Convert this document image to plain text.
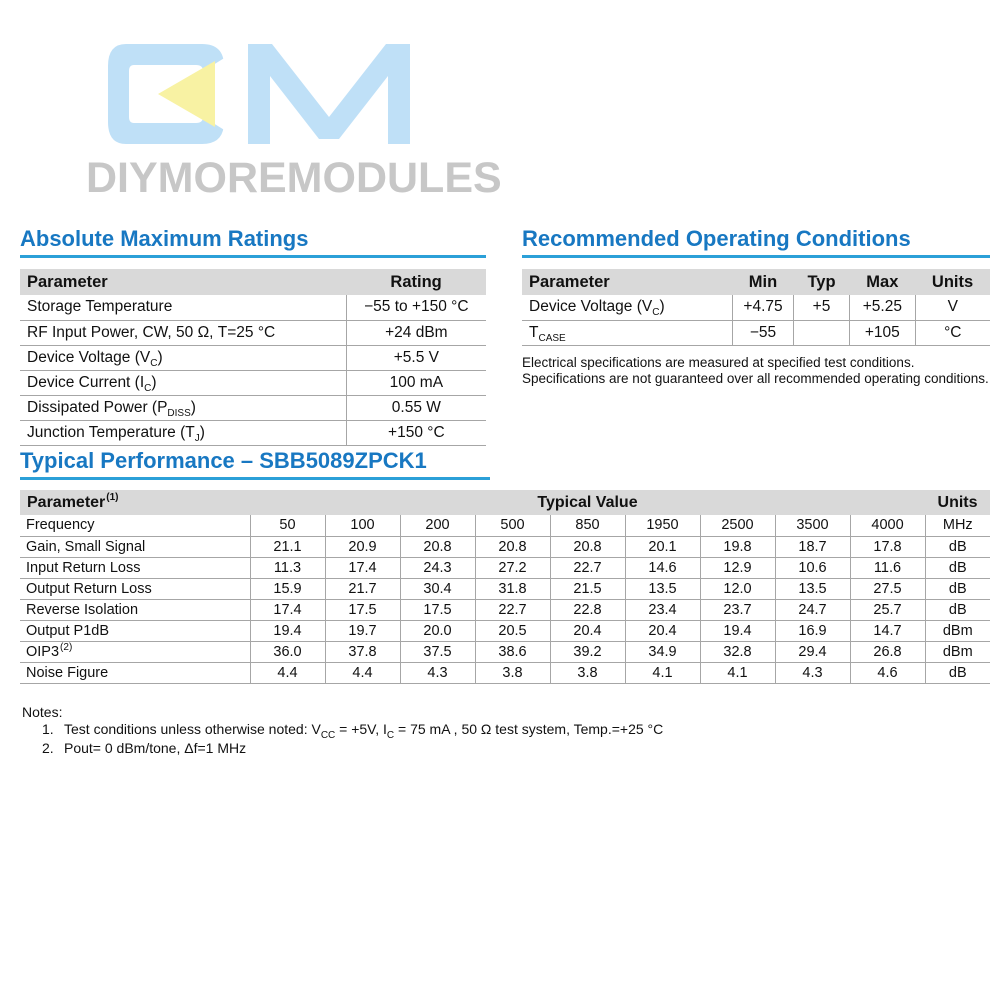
DIYMOREMODULES
Absolute Maximum Ratings
Parameter	Rating
Storage Temperature	−55 to +150 °C
RF Input Power, CW, 50 Ω, T=25 °C	+24 dBm
Device Voltage $(V_C)$	+5.5 V
Device Current $(I_C)$	100 mA
Dissipated Power $(P_{DISS})$	0.55 W
Junction Temperature $(T_J)$	+150 °C
Recommended Operating Conditions
Parameter	Min	Typ	Max	Units
Device Voltage $(V_C)$	+4.75	+5	+5.25	V
$T_{CASE}$	−55		+105	°C
Electrical specifications are measured at specified test conditions. Specifications are not guaranteed over all recommended operating conditions.
Typical Performance – SBB5089ZPCK1
Parameter$^{(1)}$	Typical Value									Units
Frequency	50	100	200	500	850	1950	2500	3500	4000	MHz
Gain, Small Signal	21.1	20.9	20.8	20.8	20.8	20.1	19.8	18.7	17.8	dB
Input Return Loss	11.3	17.4	24.3	27.2	22.7	14.6	12.9	10.6	11.6	dB
Output Return Loss	15.9	21.7	30.4	31.8	21.5	13.5	12.0	13.5	27.5	dB
Reverse Isolation	17.4	17.5	17.5	22.7	22.8	23.4	23.7	24.7	25.7	dB
Output P1dB	19.4	19.7	20.0	20.5	20.4	20.4	19.4	16.9	14.7	dBm
OIP3$^{(2)}$	36.0	37.8	37.5	38.6	39.2	34.9	32.8	29.4	26.8	dBm
Noise Figure	4.4	4.4	4.3	3.8	3.8	4.1	4.1	4.3	4.6	dB
Notes:
1. Test conditions unless otherwise noted: $V_{CC} = +5V$, $I_C = 75$ mA , 50 Ω test system, Temp.=+25 °C
2. Pout= 0 dBm/tone, Δf=1 MHz
